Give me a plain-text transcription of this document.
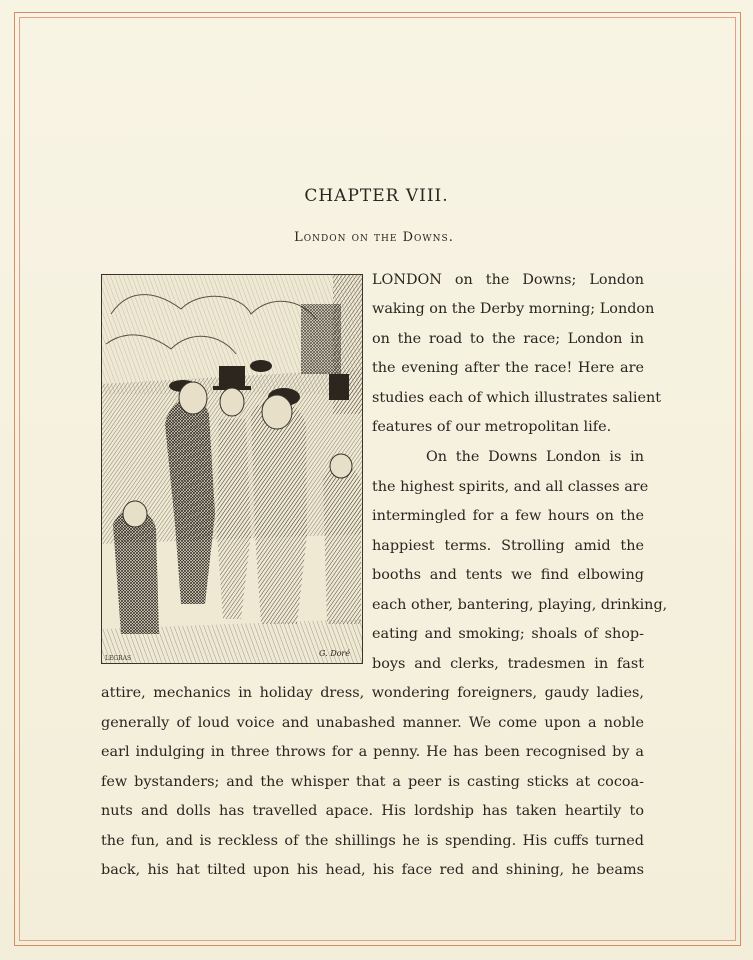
CHAPTER VIII.
London on the Downs.
LEGRAS
G. Doré
LONDON on the Downs; London
waking on the Derby morning; London
on the road to the race; London in
the evening after the race! Here are
studies each of which illustrates salient
features of our metropolitan life.
On the Downs London is in
the highest spirits, and all classes are
intermingled for a few hours on the
happiest terms. Strolling amid the
booths and tents we find elbowing
each other, bantering, playing, drinking,
eating and smoking; shoals of shop-
boys and clerks, tradesmen in fast
attire, mechanics in holiday dress, wondering foreigners, gaudy ladies,
generally of loud voice and unabashed manner. We come upon a noble
earl indulging in three throws for a penny. He has been recognised by a
few bystanders; and the whisper that a peer is casting sticks at cocoa-
nuts and dolls has travelled apace. His lordship has taken heartily to
the fun, and is reckless of the shillings he is spending. His cuffs turned
back, his hat tilted upon his head, his face red and shining, he beams
